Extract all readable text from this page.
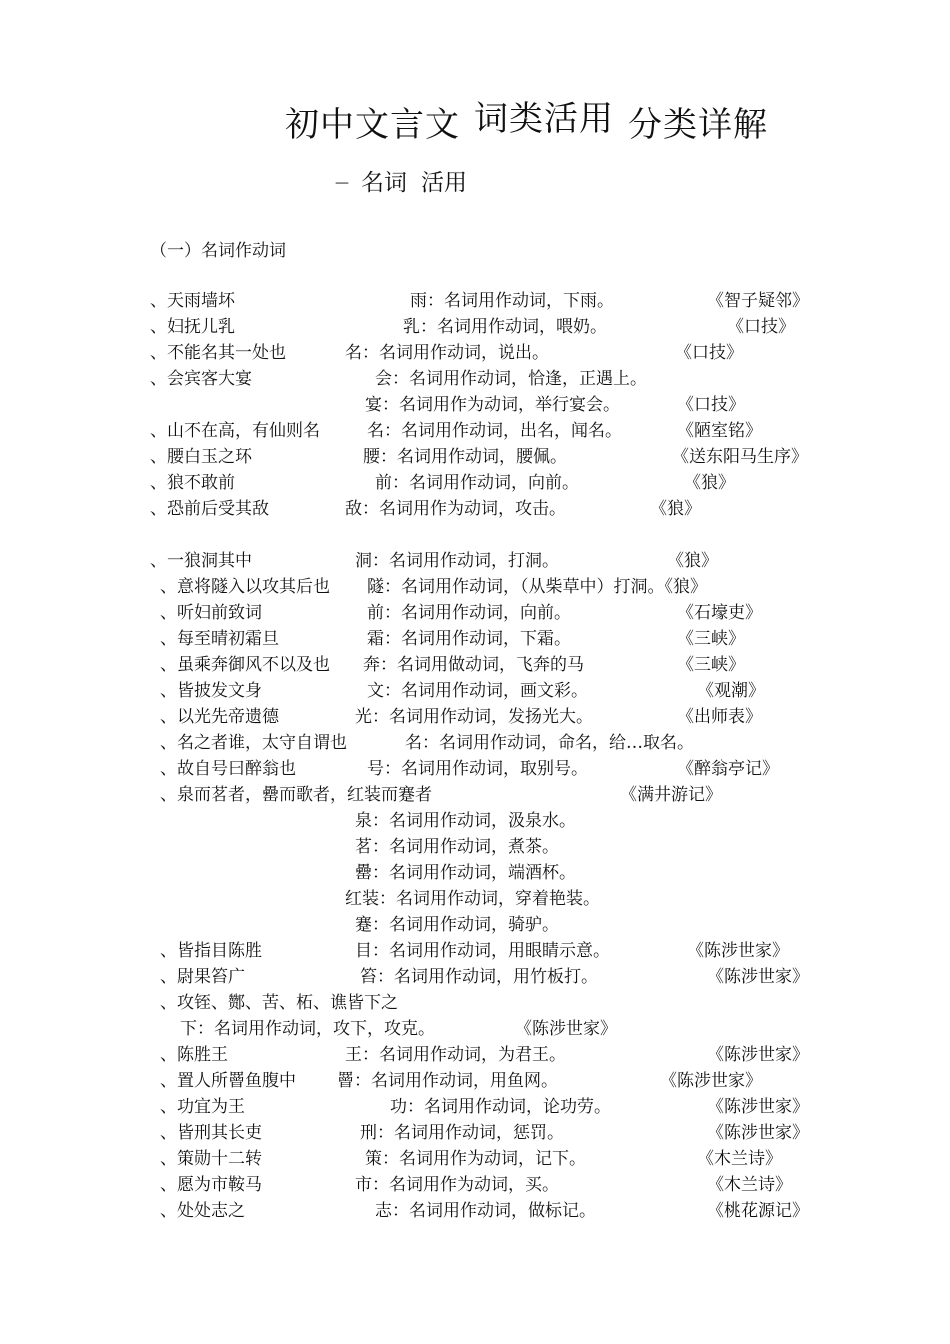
初中文言文 词类活用 分类详解
— 名词 活用
（一）名词作动词
、天雨墙坏	雨：名词用作动词，下雨。	《智子疑邻》
、妇抚儿乳	乳：名词用作动词，喂奶。	《口技》
、不能名其一处也	名：名词用作动词，说出。	《口技》
、会宾客大宴	会：名词用作动词，恰逢，正遇上。
宴：名词用作为动词，举行宴会。	《口技》
、山不在高，有仙则名	名：名词用作动词，出名，闻名。	《陋室铭》
、腰白玉之环	腰：名词用作动词，腰佩。	《送东阳马生序》
、狼不敢前	前：名词用作动词，向前。	《狼》
、恐前后受其敌	敌：名词用作为动词，攻击。	《狼》
、一狼洞其中	洞：名词用作动词，打洞。	《狼》
、意将隧入以攻其后也 隧：名词用作动词，（从柴草中）打洞。《狼》
、听妇前致词	前：名词用作动词，向前。	《石壕吏》
、每至晴初霜旦	霜：名词用作动词，下霜。	《三峡》
、虽乘奔御风不以及也 奔：名词用做动词，飞奔的马	《三峡》
、皆披发文身	文：名词用作动词，画文彩。	《观潮》
、以光先帝遗德	光：名词用作动词，发扬光大。	《出师表》
、名之者谁，太守自谓也	名：名词用作动词，命名，给…取名。
、故自号曰醉翁也	号：名词用作动词，取别号。	《醉翁亭记》
、泉而茗者，罍而歌者，红装而蹇者	《满井游记》
泉：名词用作动词，汲泉水。
茗：名词用作动词，煮茶。
罍：名词用作动词，端酒杯。
红装：名词用作动词，穿着艳装。
蹇：名词用作动词，骑驴。
、皆指目陈胜	目：名词用作动词，用眼睛示意。	《陈涉世家》
、尉果笞广	笞：名词用作动词，用竹板打。	《陈涉世家》
、攻铚、酂、苦、柘、谯皆下之
下：名词用作动词，攻下，攻克。	《陈涉世家》
、陈胜王	王：名词用作动词，为君王。	《陈涉世家》
、置人所罾鱼腹中 罾：名词用作动词，用鱼网。	《陈涉世家》
、功宜为王	功：名词用作动词，论功劳。	《陈涉世家》
、皆刑其长吏	刑：名词用作动词，惩罚。	《陈涉世家》
、策勋十二转	策：名词用作为动词，记下。	《木兰诗》
、愿为市鞍马	市：名词用作为动词，买。	《木兰诗》
、处处志之	志：名词用作动词，做标记。	《桃花源记》
